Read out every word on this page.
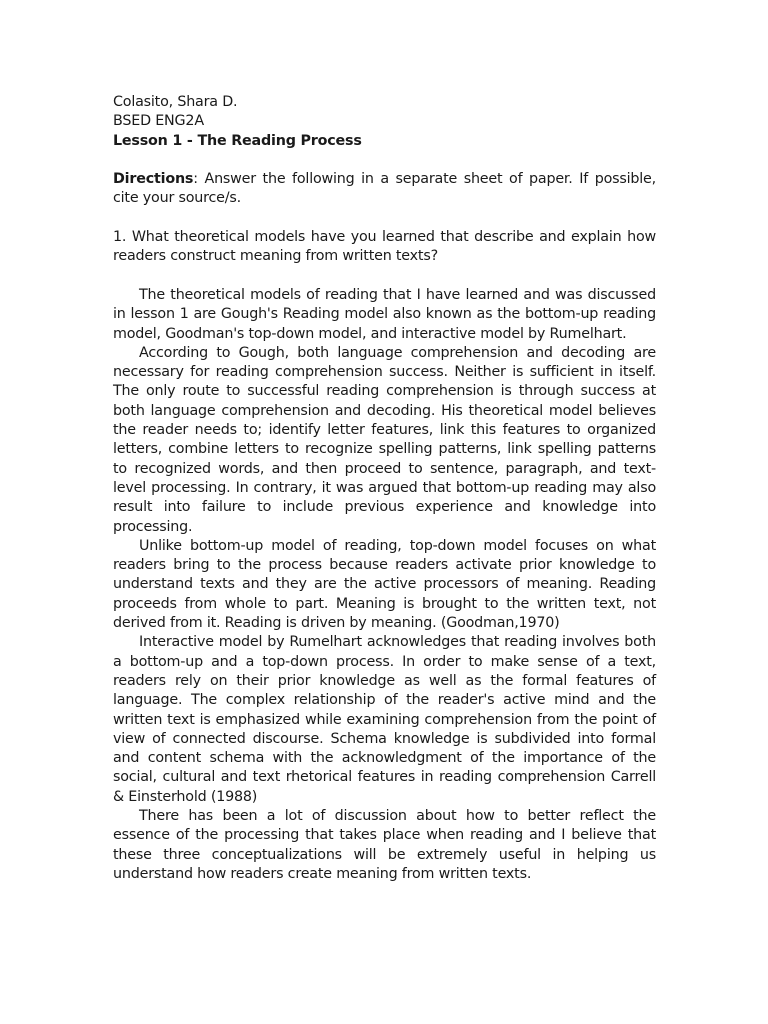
Colasito, Shara D.
BSED ENG2A
Lesson 1 - The Reading Process

Directions: Answer the following in a separate sheet of paper. If possible, cite your source/s.

1. What theoretical models have you learned that describe and explain how readers construct meaning from written texts?

The theoretical models of reading that I have learned and was discussed in lesson 1 are Gough's Reading model also known as the bottom-up reading model, Goodman's top-down model, and interactive model by Rumelhart.

According to Gough, both language comprehension and decoding are necessary for reading comprehension success. Neither is sufficient in itself. The only route to successful reading comprehension is through success at both language comprehension and decoding. His theoretical model believes the reader needs to; identify letter features, link this features to organized letters, combine letters to recognize spelling patterns, link spelling patterns to recognized words, and then proceed to sentence, paragraph, and text-level processing. In contrary, it was argued that bottom-up reading may also result into failure to include previous experience and knowledge into processing.

Unlike bottom-up model of reading, top-down model focuses on what readers bring to the process because readers activate prior knowledge to understand texts and they are the active processors of meaning. Reading proceeds from whole to part. Meaning is brought to the written text, not derived from it. Reading is driven by meaning. (Goodman,1970)

Interactive model by Rumelhart acknowledges that reading involves both a bottom-up and a top-down process. In order to make sense of a text, readers rely on their prior knowledge as well as the formal features of language. The complex relationship of the reader's active mind and the written text is emphasized while examining comprehension from the point of view of connected discourse. Schema knowledge is subdivided into formal and content schema with the acknowledgment of the importance of the social, cultural and text rhetorical features in reading comprehension Carrell & Einsterhold (1988)

There has been a lot of discussion about how to better reflect the essence of the processing that takes place when reading and I believe that these three conceptualizations will be extremely useful in helping us understand how readers create meaning from written texts.
